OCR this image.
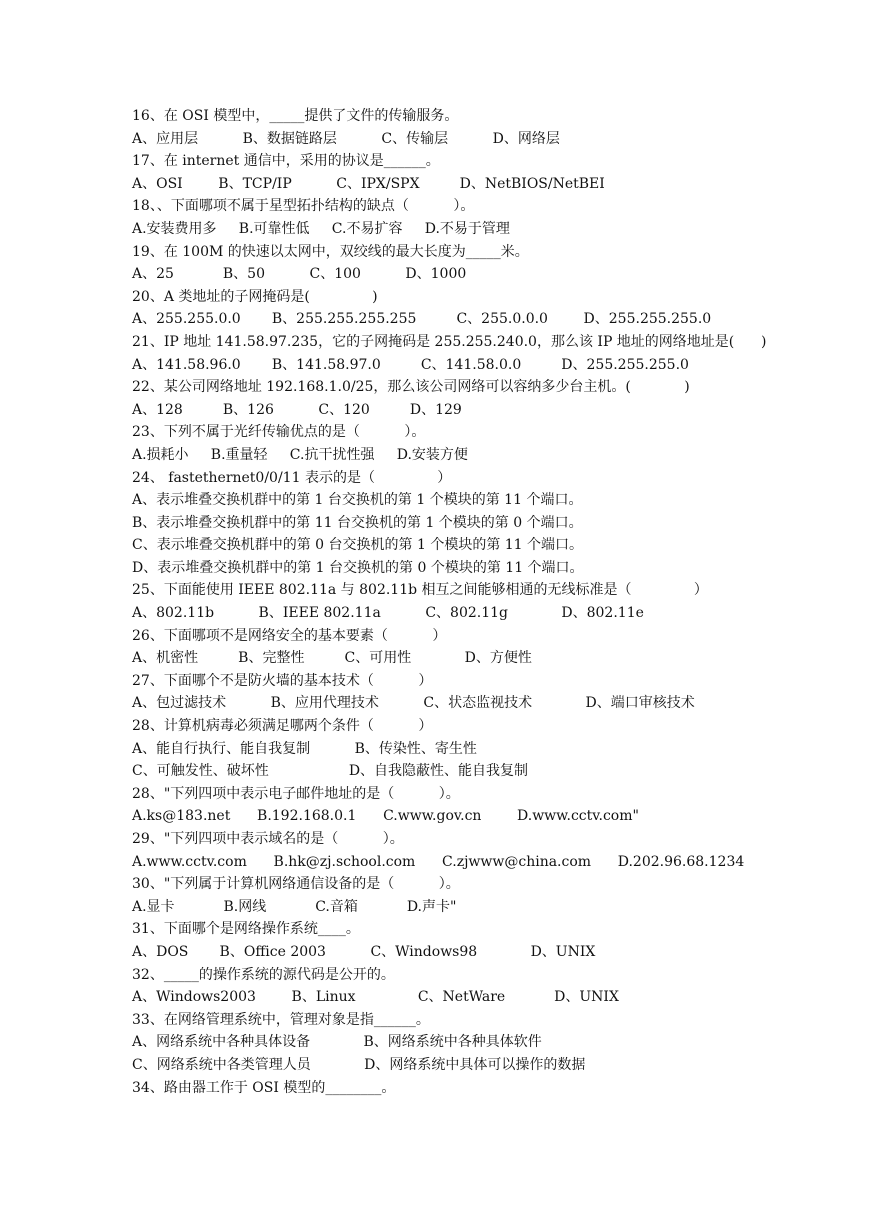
16、在 OSI 模型中，_____提供了文件的传输服务。

A、应用层          B、数据链路层          C、传输层          D、网络层

17、在 internet 通信中，采用的协议是______。

A、OSI        B、TCP/IP          C、IPX/SPX         D、NetBIOS/NetBEI

18、、下面哪项不属于星型拓扑结构的缺点（          ）。

A.安装费用多     B.可靠性低     C.不易扩容     D.不易于管理

19、在 100M 的快速以太网中，双绞线的最大长度为_____米。

A、25           B、50          C、100          D、1000

20、A 类地址的子网掩码是(              )

A、255.255.0.0       B、255.255.255.255         C、255.0.0.0        D、255.255.255.0

21、IP 地址 141.58.97.235，它的子网掩码是 255.255.240.0，那么该 IP 地址的网络地址是(      )

A、141.58.96.0       B、141.58.97.0         C、141.58.0.0         D、255.255.255.0

22、某公司网络地址 192.168.1.0/25，那么该公司网络可以容纳多少台主机。(            )

A、128         B、126          C、120         D、129

23、下列不属于光纤传输优点的是（          ）。

A.损耗小     B.重量轻     C.抗干扰性强     D.安装方便

24、 fastethernet0/0/11 表示的是（              ）

A、表示堆叠交换机群中的第 1 台交换机的第 1 个模块的第 11 个端口。

B、表示堆叠交换机群中的第 11 台交换机的第 1 个模块的第 0 个端口。

C、表示堆叠交换机群中的第 0 台交换机的第 1 个模块的第 11 个端口。

D、表示堆叠交换机群中的第 1 台交换机的第 0 个模块的第 11 个端口。

25、下面能使用 IEEE 802.11a 与 802.11b 相互之间能够相通的无线标准是（              ）

A、802.11b          B、IEEE 802.11a          C、802.11g            D、802.11e

26、下面哪项不是网络安全的基本要素（          ）

A、机密性         B、完整性         C、可用性            D、方便性

27、下面哪个不是防火墙的基本技术（          ）

A、包过滤技术          B、应用代理技术          C、状态监视技术            D、端口审核技术

28、计算机病毒必须满足哪两个条件（          ）

A、能自行执行、能自我复制          B、传染性、寄生性

C、可触发性、破坏性                  D、自我隐蔽性、能自我复制

28、"下列四项中表示电子邮件地址的是（          ）。

A.ks@183.net      B.192.168.0.1      C.www.gov.cn        D.www.cctv.com"

29、"下列四项中表示域名的是（          ）。

A.www.cctv.com      B.hk@zj.school.com      C.zjwww@china.com      D.202.96.68.1234

30、"下列属于计算机网络通信设备的是（          ）。

A.显卡           B.网线           C.音箱           D.声卡"

31、下面哪个是网络操作系统____。

A、DOS       B、Office 2003          C、Windows98            D、UNIX

32、_____的操作系统的源代码是公开的。

A、Windows2003        B、Linux              C、NetWare           D、UNIX

33、在网络管理系统中，管理对象是指______。

A、网络系统中各种具体设备            B、网络系统中各种具体软件

C、网络系统中各类管理人员            D、网络系统中具体可以操作的数据

34、路由器工作于 OSI 模型的________。
